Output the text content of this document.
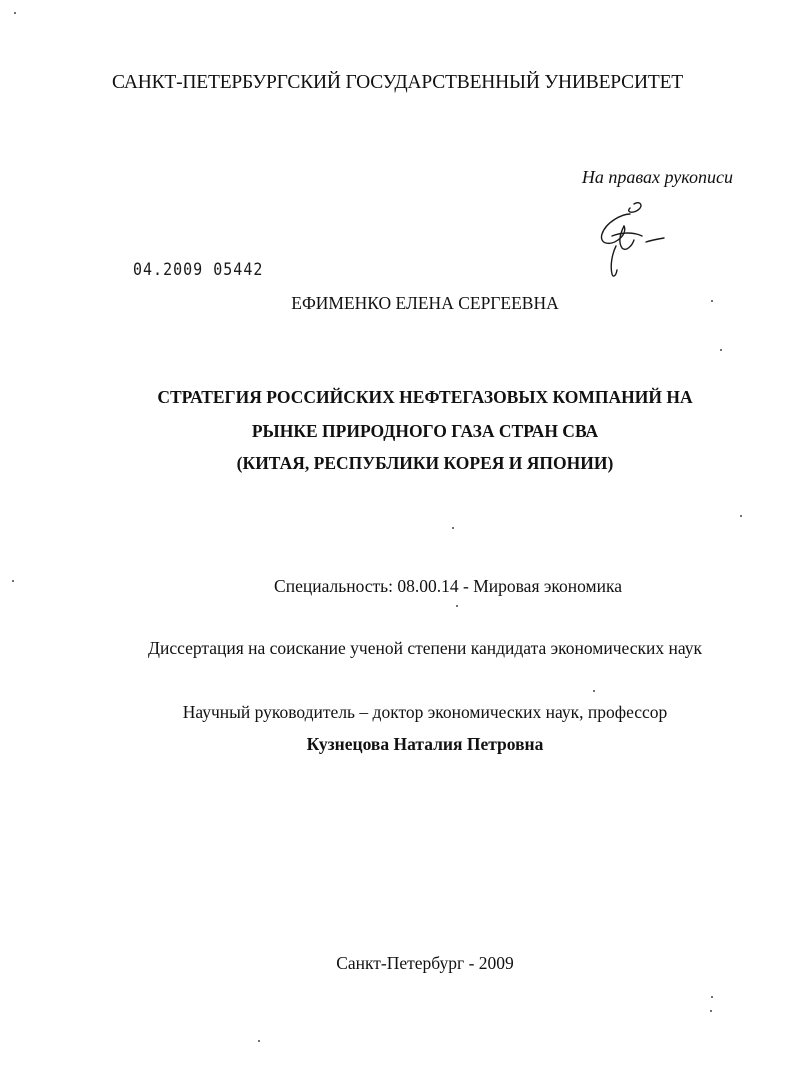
САНКТ-ПЕТЕРБУРГСКИЙ ГОСУДАРСТВЕННЫЙ УНИВЕРСИТЕТ
На правах рукописи
04.2009 05442
ЕФИМЕНКО ЕЛЕНА СЕРГЕЕВНА
СТРАТЕГИЯ РОССИЙСКИХ НЕФТЕГАЗОВЫХ КОМПАНИЙ НА
РЫНКЕ ПРИРОДНОГО ГАЗА СТРАН СВА
(КИТАЯ, РЕСПУБЛИКИ КОРЕЯ И ЯПОНИИ)
Специальность: 08.00.14 - Мировая экономика
Диссертация на соискание ученой степени кандидата экономических наук
Научный руководитель – доктор экономических наук, профессор
Кузнецова Наталия Петровна
Санкт-Петербург - 2009
